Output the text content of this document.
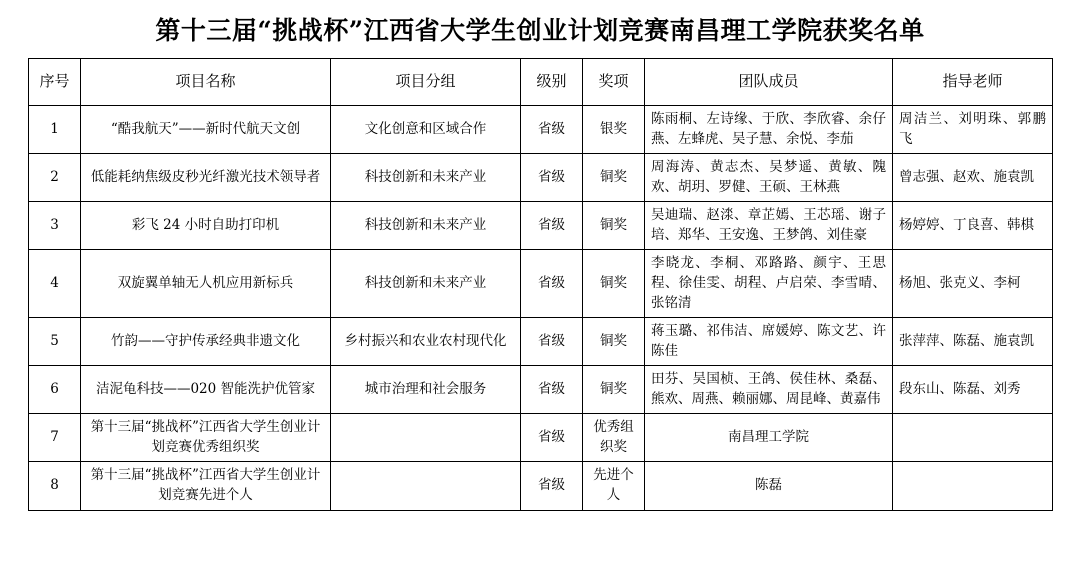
第十三届“挑战杯”江西省大学生创业计划竞赛南昌理工学院获奖名单
序号	项目名称	项目分组	级别	奖项	团队成员	指导老师
1	“酷我航天”——新时代航天文创	文化创意和区域合作	省级	银奖	陈雨桐、左诗缘、于欣、李欣睿、余仔燕、左蜂虎、吴子慧、余悦、李茄	周洁兰、刘明珠、郭鹏飞
2	低能耗纳焦级皮秒光纤激光技术领导者	科技创新和未来产业	省级	铜奖	周海涛、黄志杰、吴梦遥、黄敏、隗欢、胡玥、罗健、王硕、王林燕	曾志强、赵欢、施袁凯
3	彩飞 24 小时自助打印机	科技创新和未来产业	省级	铜奖	吴迪瑞、赵渁、章芷嫣、王芯瑶、谢子培、郑华、王安逸、王梦鸽、刘佳豪	杨婷婷、丁良喜、韩棋
4	双旋翼单轴无人机应用新标兵	科技创新和未来产业	省级	铜奖	李晓龙、李桐、邓路路、颜宇、王思程、徐佳雯、胡程、卢启荣、李雪晴、张铭清	杨旭、张克义、李柯
5	竹韵——守护传承经典非遗文化	乡村振兴和农业农村现代化	省级	铜奖	蒋玉璐、祁伟洁、席媛婷、陈文艺、许陈佳	张萍萍、陈磊、施袁凯
6	洁泥龟科技——020 智能洗护优管家	城市治理和社会服务	省级	铜奖	田芬、吴国桢、王鸽、侯佳林、桑磊、熊欢、周燕、赖丽娜、周昆峰、黄嘉伟	段东山、陈磊、刘秀
7	第十三届“挑战杯”江西省大学生创业计划竞赛优秀组织奖		省级	优秀组织奖	南昌理工学院	
8	第十三届“挑战杯”江西省大学生创业计划竞赛先进个人		省级	先进个人	陈磊	
